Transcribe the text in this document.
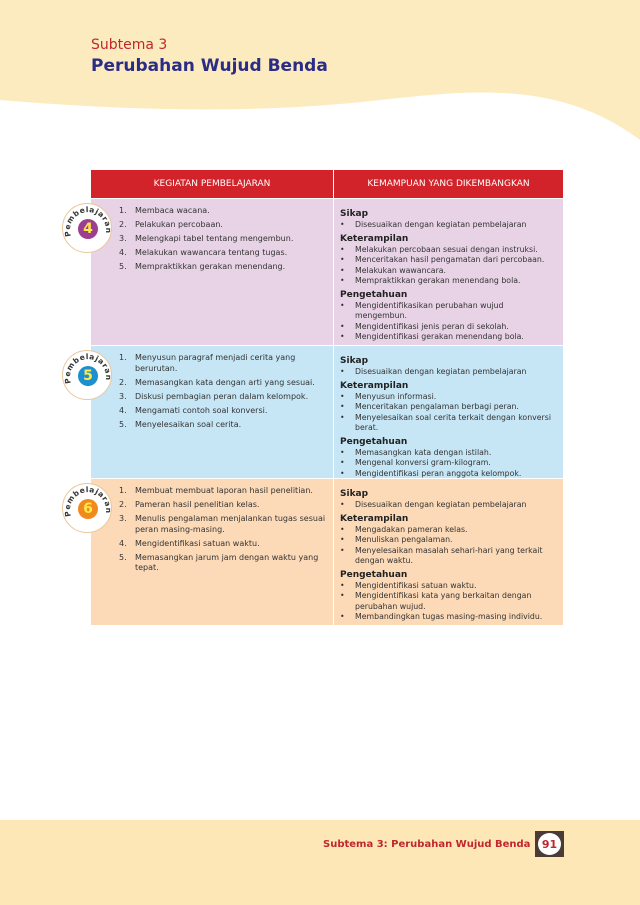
Subtema 3
Perubahan Wujud Benda
KEGIATAN PEMBELAJARAN	KEMAMPUAN YANG DIKEMBANGKAN
Pembelajaran
4
1.	Membaca wacana.
2.	Pelakukan percobaan.
3.	Melengkapi tabel tentang mengembun.
4.	Melakukan wawancara tentang tugas.
5.	Mempraktikkan gerakan menendang.
Sikap
•	Disesuaikan dengan kegiatan pembelajaran
Keterampilan
•	Melakukan percobaan sesuai dengan instruksi.
•	Menceritakan hasil pengamatan dari percobaan.
•	Melakukan wawancara.
•	Mempraktikkan gerakan menendang bola.
Pengetahuan
•	Mengidentifikasikan perubahan wujud mengembun.
•	Mengidentifikasi jenis peran di sekolah.
•	Mengidentifikasi gerakan menendang bola.
Pembelajaran
5
1.	Menyusun paragraf menjadi cerita yang berurutan.
2.	Memasangkan kata dengan arti yang sesuai.
3.	Diskusi pembagian peran dalam kelompok.
4.	Mengamati contoh soal konversi.
5.	Menyelesaikan soal cerita.
Sikap
•	Disesuaikan dengan kegiatan pembelajaran
Keterampilan
•	Menyusun informasi.
•	Menceritakan pengalaman berbagi peran.
•	Menyelesaikan soal cerita terkait dengan konversi berat.
Pengetahuan
•	Memasangkan kata dengan istilah.
•	Mengenal konversi gram-kilogram.
•	Mengidentifikasi peran anggota kelompok.
Pembelajaran
6
1.	Membuat membuat laporan hasil penelitian.
2.	Pameran hasil penelitian kelas.
3.	Menulis pengalaman menjalankan tugas sesuai peran masing-masing.
4.	Mengidentifikasi satuan waktu.
5.	Memasangkan jarum jam dengan waktu yang tepat.
Sikap
•	Disesuaikan dengan kegiatan pembelajaran
Keterampilan
•	Mengadakan pameran kelas.
•	Menuliskan pengalaman.
•	Menyelesaikan masalah sehari-hari yang terkait dengan waktu.
Pengetahuan
•	Mengidentifikasi satuan waktu.
•	Mengidentifikasi kata yang berkaitan dengan perubahan wujud.
•	Membandingkan tugas masing-masing individu.
Subtema 3: Perubahan Wujud Benda	91
